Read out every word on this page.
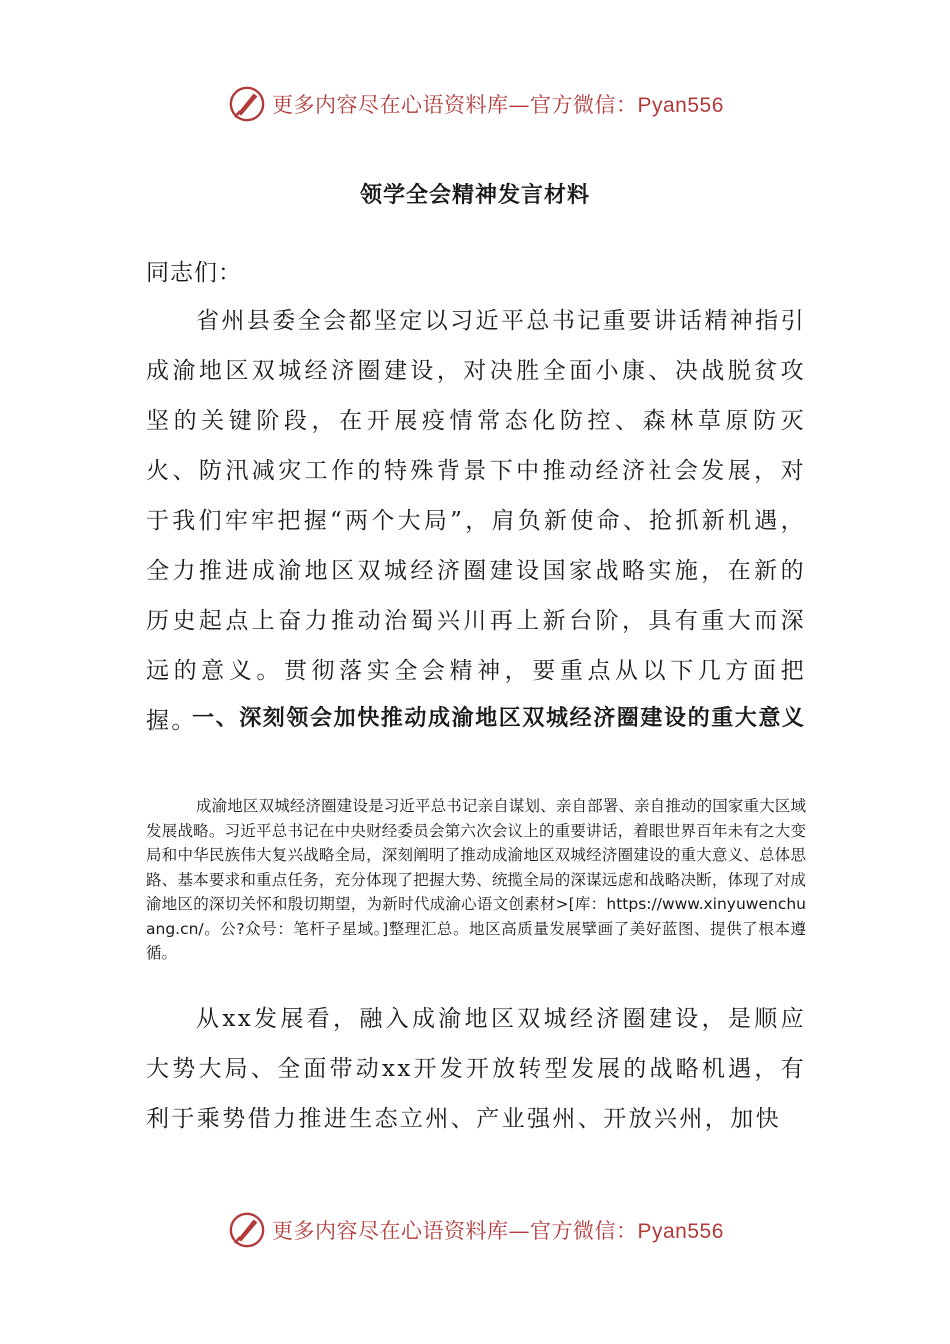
更多内容尽在心语资料库—官方微信：Pyan556
领学全会精神发言材料
同志们：

省州县委全会都坚定以习近平总书记重要讲话精神指引成渝地区双城经济圈建设，对决胜全面小康、决战脱贫攻坚的关键阶段，在开展疫情常态化防控、森林草原防灭火、防汛减灾工作的特殊背景下中推动经济社会发展，对于我们牢牢把握“两个大局”，肩负新使命、抢抓新机遇，全力推进成渝地区双城经济圈建设国家战略实施，在新的历史起点上奋力推动治蜀兴川再上新台阶，具有重大而深远的意义。贯彻落实全会精神，要重点从以下几方面把握。

一、深刻领会加快推动成渝地区双城经济圈建设的重大意义

成渝地区双城经济圈建设是习近平总书记亲自谋划、亲自部署、亲自推动的国家重大区域发展战略。习近平总书记在中央财经委员会第六次会议上的重要讲话，着眼世界百年未有之大变局和中华民族伟大复兴战略全局，深刻阐明了推动成渝地区双城经济圈建设的重大意义、总体思路、基本要求和重点任务，充分体现了把握大势、统揽全局的深谋远虑和战略决断，体现了对成渝地区的深切关怀和殷切期望，为新时代成渝心语文创素材>[库：https://www.xinyuwenchuang.cn/。公?众号：笔杆子星域。]整理汇总。地区高质量发展擘画了美好蓝图、提供了根本遵循。

从xx发展看，融入成渝地区双城经济圈建设，是顺应大势大局、全面带动xx开发开放转型发展的战略机遇，有利于乘势借力推进生态立州、产业强州、开放兴州，加快

更多内容尽在心语资料库—官方微信：Pyan556
